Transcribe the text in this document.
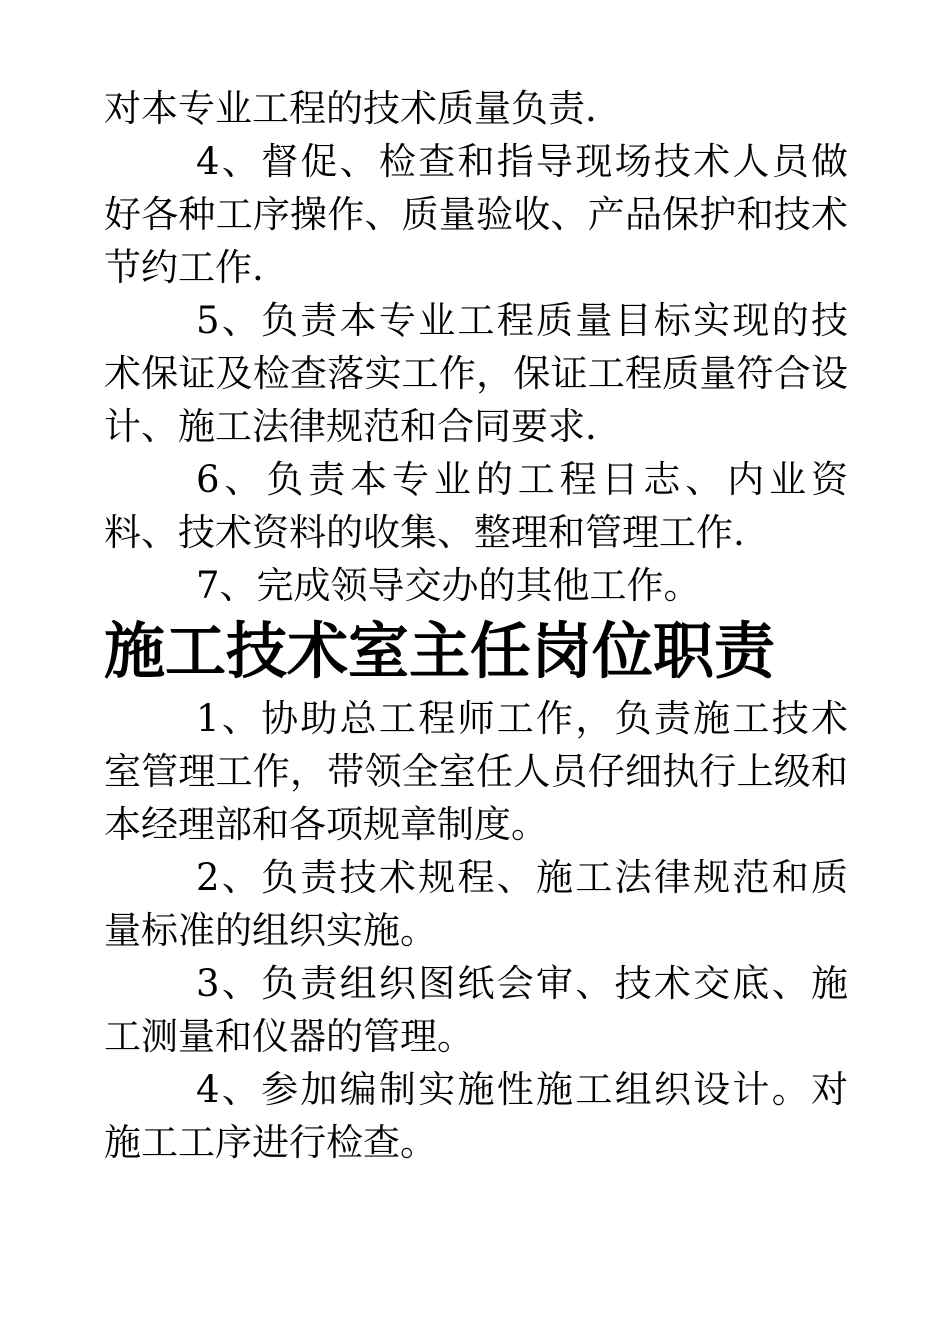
对本专业工程的技术质量负责.

4、督促、检查和指导现场技术人员做好各种工序操作、质量验收、产品保护和技术节约工作.

5、负责本专业工程质量目标实现的技术保证及检查落实工作，保证工程质量符合设计、施工法律规范和合同要求.

6、负责本专业的工程日志、内业资料、技术资料的收集、整理和管理工作.

7、完成领导交办的其他工作。

施工技术室主任岗位职责

1、协助总工程师工作，负责施工技术室管理工作，带领全室任人员仔细执行上级和本经理部和各项规章制度。

2、负责技术规程、施工法律规范和质量标准的组织实施。

3、负责组织图纸会审、技术交底、施工测量和仪器的管理。

4、参加编制实施性施工组织设计。对施工工序进行检查。
